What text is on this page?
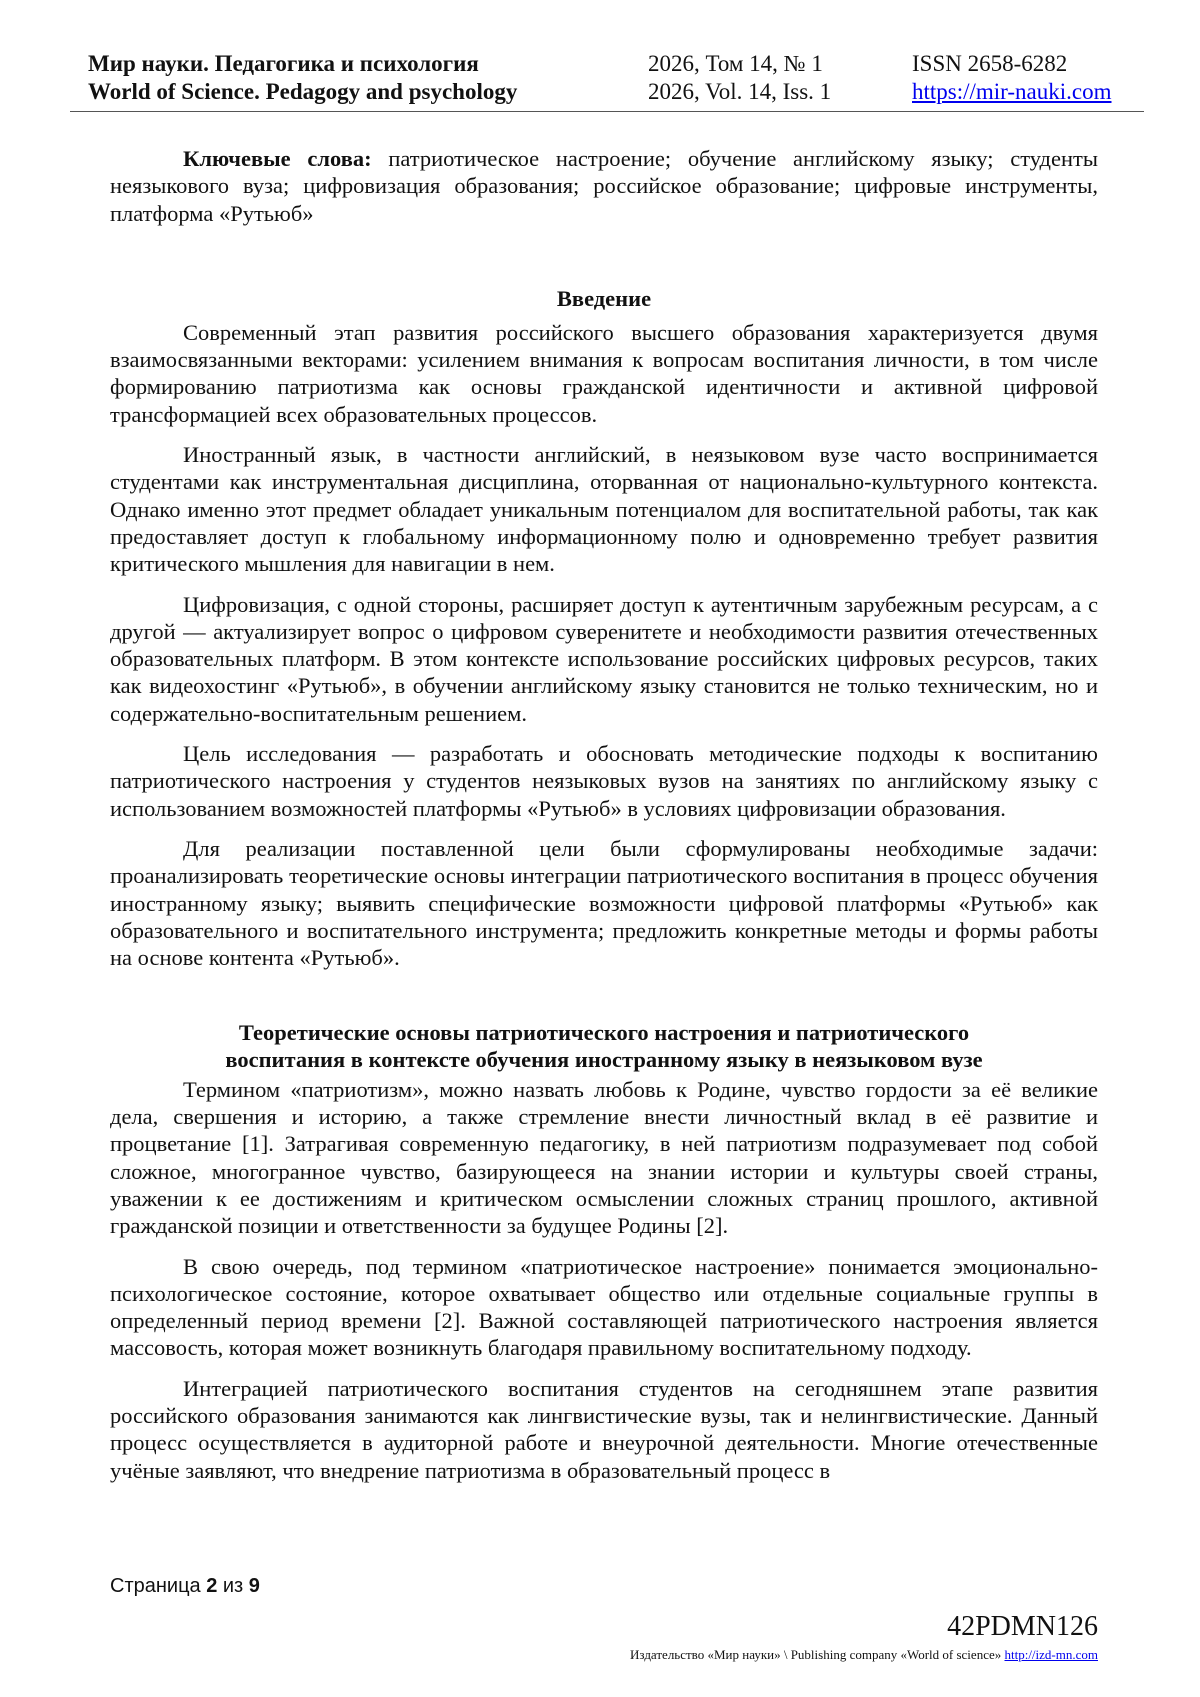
Мир науки. Педагогика и психология	2026, Том 14, № 1	ISSN 2658-6282
World of Science. Pedagogy and psychology	2026, Vol. 14, Iss. 1	https://mir-nauki.com

Ключевые слова: патриотическое настроение; обучение английскому языку; студенты неязыкового вуза; цифровизация образования; российское образование; цифровые инструменты, платформа «Рутьюб»

Введение

Современный этап развития российского высшего образования характеризуется двумя взаимосвязанными векторами: усилением внимания к вопросам воспитания личности, в том числе формированию патриотизма как основы гражданской идентичности и активной цифровой трансформацией всех образовательных процессов.

Иностранный язык, в частности английский, в неязыковом вузе часто воспринимается студентами как инструментальная дисциплина, оторванная от национально-культурного контекста. Однако именно этот предмет обладает уникальным потенциалом для воспитательной работы, так как предоставляет доступ к глобальному информационному полю и одновременно требует развития критического мышления для навигации в нем.

Цифровизация, с одной стороны, расширяет доступ к аутентичным зарубежным ресурсам, а с другой — актуализирует вопрос о цифровом суверенитете и необходимости развития отечественных образовательных платформ. В этом контексте использование российских цифровых ресурсов, таких как видеохостинг «Рутьюб», в обучении английскому языку становится не только техническим, но и содержательно-воспитательным решением.

Цель исследования — разработать и обосновать методические подходы к воспитанию патриотического настроения у студентов неязыковых вузов на занятиях по английскому языку с использованием возможностей платформы «Рутьюб» в условиях цифровизации образования.

Для реализации поставленной цели были сформулированы необходимые задачи: проанализировать теоретические основы интеграции патриотического воспитания в процесс обучения иностранному языку; выявить специфические возможности цифровой платформы «Рутьюб» как образовательного и воспитательного инструмента; предложить конкретные методы и формы работы на основе контента «Рутьюб».

Теоретические основы патриотического настроения и патриотического

воспитания в контексте обучения иностранному языку в неязыковом вузе

Термином «патриотизм», можно назвать любовь к Родине, чувство гордости за её великие дела, свершения и историю, а также стремление внести личностный вклад в её развитие и процветание [1]. Затрагивая современную педагогику, в ней патриотизм подразумевает под собой сложное, многогранное чувство, базирующееся на знании истории и культуры своей страны, уважении к ее достижениям и критическом осмыслении сложных страниц прошлого, активной гражданской позиции и ответственности за будущее Родины [2].

В свою очередь, под термином «патриотическое настроение» понимается эмоционально-психологическое состояние, которое охватывает общество или отдельные социальные группы в определенный период времени [2]. Важной составляющей патриотического настроения является массовость, которая может возникнуть благодаря правильному воспитательному подходу.

Интеграцией патриотического воспитания студентов на сегодняшнем этапе развития российского образования занимаются как лингвистические вузы, так и нелингвистические. Данный процесс осуществляется в аудиторной работе и внеурочной деятельности. Многие отечественные учёные заявляют, что внедрение патриотизма в образовательный процесс в

Страница 2 из 9
42PDMN126
Издательство «Мир науки» \ Publishing company «World of science» http://izd-mn.com
